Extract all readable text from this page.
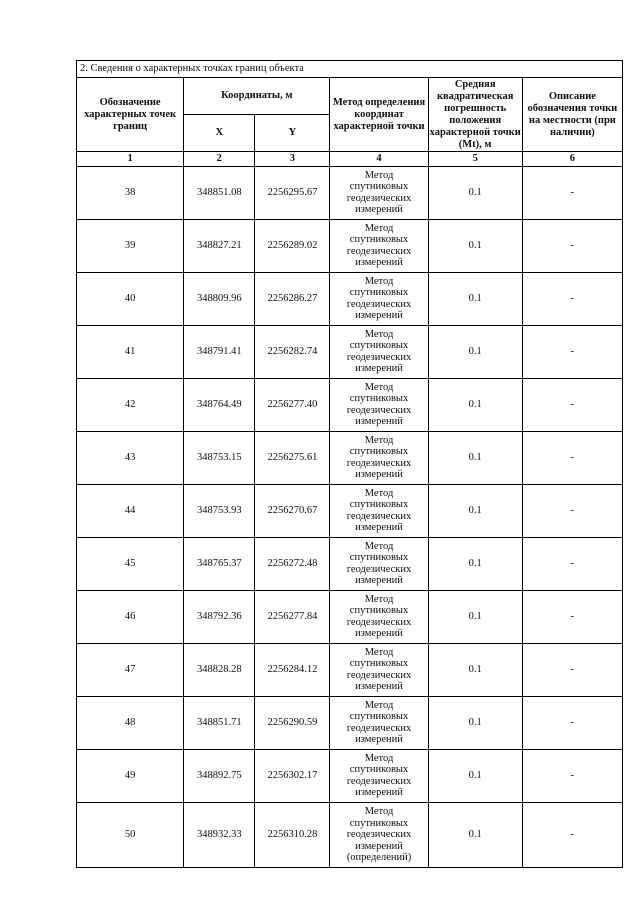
2. Сведения о характерных точках границ объекта					
Обозначение характерных точек границ	Координаты, м		Метод определения координат характерной точки	Средняя квадратическая погрешность положения характерной точки (Mt), м	Описание обозначения точки на местности (при наличии)
	X	Y			
1	2	3	4	5	6
38	348851.08	2256295.67	Метод спутниковых геодезических измерений	0.1	-
39	348827.21	2256289.02	Метод спутниковых геодезических измерений	0.1	-
40	348809.96	2256286.27	Метод спутниковых геодезических измерений	0.1	-
41	348791.41	2256282.74	Метод спутниковых геодезических измерений	0.1	-
42	348764.49	2256277.40	Метод спутниковых геодезических измерений	0.1	-
43	348753.15	2256275.61	Метод спутниковых геодезических измерений	0.1	-
44	348753.93	2256270.67	Метод спутниковых геодезических измерений	0.1	-
45	348765.37	2256272.48	Метод спутниковых геодезических измерений	0.1	-
46	348792.36	2256277.84	Метод спутниковых геодезических измерений	0.1	-
47	348828.28	2256284.12	Метод спутниковых геодезических измерений	0.1	-
48	348851.71	2256290.59	Метод спутниковых геодезических измерений	0.1	-
49	348892.75	2256302.17	Метод спутниковых геодезических измерений	0.1	-
50	348932.33	2256310.28	Метод спутниковых геодезических измерений (определений)	0.1	-
